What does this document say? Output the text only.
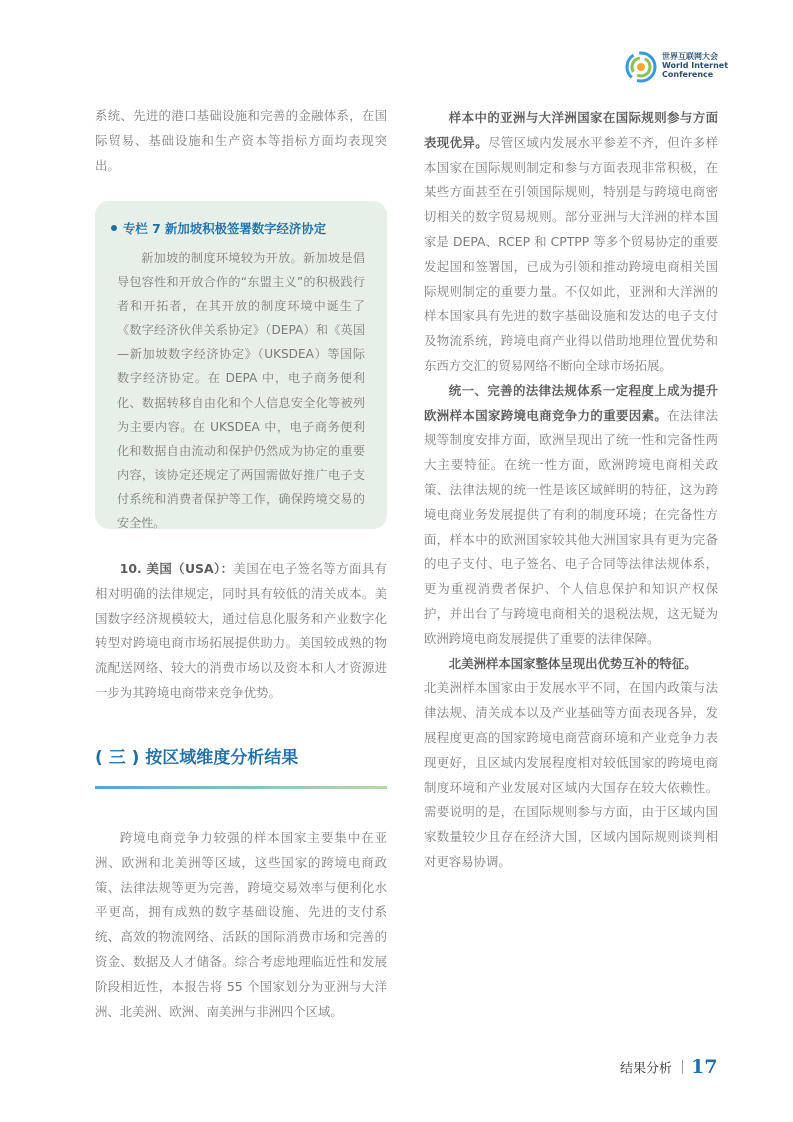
世界互联网大会
World Internet
Conference

系统、先进的港口基础设施和完善的金融体系，在国际贸易、基础设施和生产资本等指标方面均表现突出。

专栏 7 新加坡积极签署数字经济协定
新加坡的制度环境较为开放。新加坡是倡导包容性和开放合作的“东盟主义”的积极践行者和开拓者，在其开放的制度环境中诞生了《数字经济伙伴关系协定》（DEPA）和《英国—新加坡数字经济协定》（UKSDEA）等国际数字经济协定。在 DEPA 中，电子商务便利化、数据转移自由化和个人信息安全化等被列为主要内容。在 UKSDEA 中，电子商务便利化和数据自由流动和保护仍然成为协定的重要内容，该协定还规定了两国需做好推广电子支付系统和消费者保护等工作，确保跨境交易的安全性。

10. 美国（USA）：美国在电子签名等方面具有相对明确的法律规定，同时具有较低的清关成本。美国数字经济规模较大，通过信息化服务和产业数字化转型对跨境电商市场拓展提供助力。美国较成熟的物流配送网络、较大的消费市场以及资本和人才资源进一步为其跨境电商带来竞争优势。

( 三 ) 按区域维度分析结果

跨境电商竞争力较强的样本国家主要集中在亚洲、欧洲和北美洲等区域，这些国家的跨境电商政策、法律法规等更为完善，跨境交易效率与便利化水平更高，拥有成熟的数字基础设施、先进的支付系统、高效的物流网络、活跃的国际消费市场和完善的资金、数据及人才储备。综合考虑地理临近性和发展阶段相近性，本报告将 55 个国家划分为亚洲与大洋洲、北美洲、欧洲、南美洲与非洲四个区域。

样本中的亚洲与大洋洲国家在国际规则参与方面表现优异。尽管区域内发展水平参差不齐，但许多样本国家在国际规则制定和参与方面表现非常积极，在某些方面甚至在引领国际规则，特别是与跨境电商密切相关的数字贸易规则。部分亚洲与大洋洲的样本国家是 DEPA、RCEP 和 CPTPP 等多个贸易协定的重要发起国和签署国，已成为引领和推动跨境电商相关国际规则制定的重要力量。不仅如此，亚洲和大洋洲的样本国家具有先进的数字基础设施和发达的电子支付及物流系统，跨境电商产业得以借助地理位置优势和东西方交汇的贸易网络不断向全球市场拓展。

统一、完善的法律法规体系一定程度上成为提升欧洲样本国家跨境电商竞争力的重要因素。在法律法规等制度安排方面，欧洲呈现出了统一性和完备性两大主要特征。在统一性方面，欧洲跨境电商相关政策、法律法规的统一性是该区域鲜明的特征，这为跨境电商业务发展提供了有利的制度环境；在完备性方面，样本中的欧洲国家较其他大洲国家具有更为完备的电子支付、电子签名、电子合同等法律法规体系，更为重视消费者保护、个人信息保护和知识产权保护，并出台了与跨境电商相关的退税法规，这无疑为欧洲跨境电商发展提供了重要的法律保障。

北美洲样本国家整体呈现出优势互补的特征。

北美洲样本国家由于发展水平不同，在国内政策与法律法规、清关成本以及产业基础等方面表现各异，发展程度更高的国家跨境电商营商环境和产业竞争力表现更好，且区域内发展程度相对较低国家的跨境电商制度环境和产业发展对区域内大国存在较大依赖性。需要说明的是，在国际规则参与方面，由于区域内国家数量较少且存在经济大国，区域内国际规则谈判相对更容易协调。

结果分析 17
